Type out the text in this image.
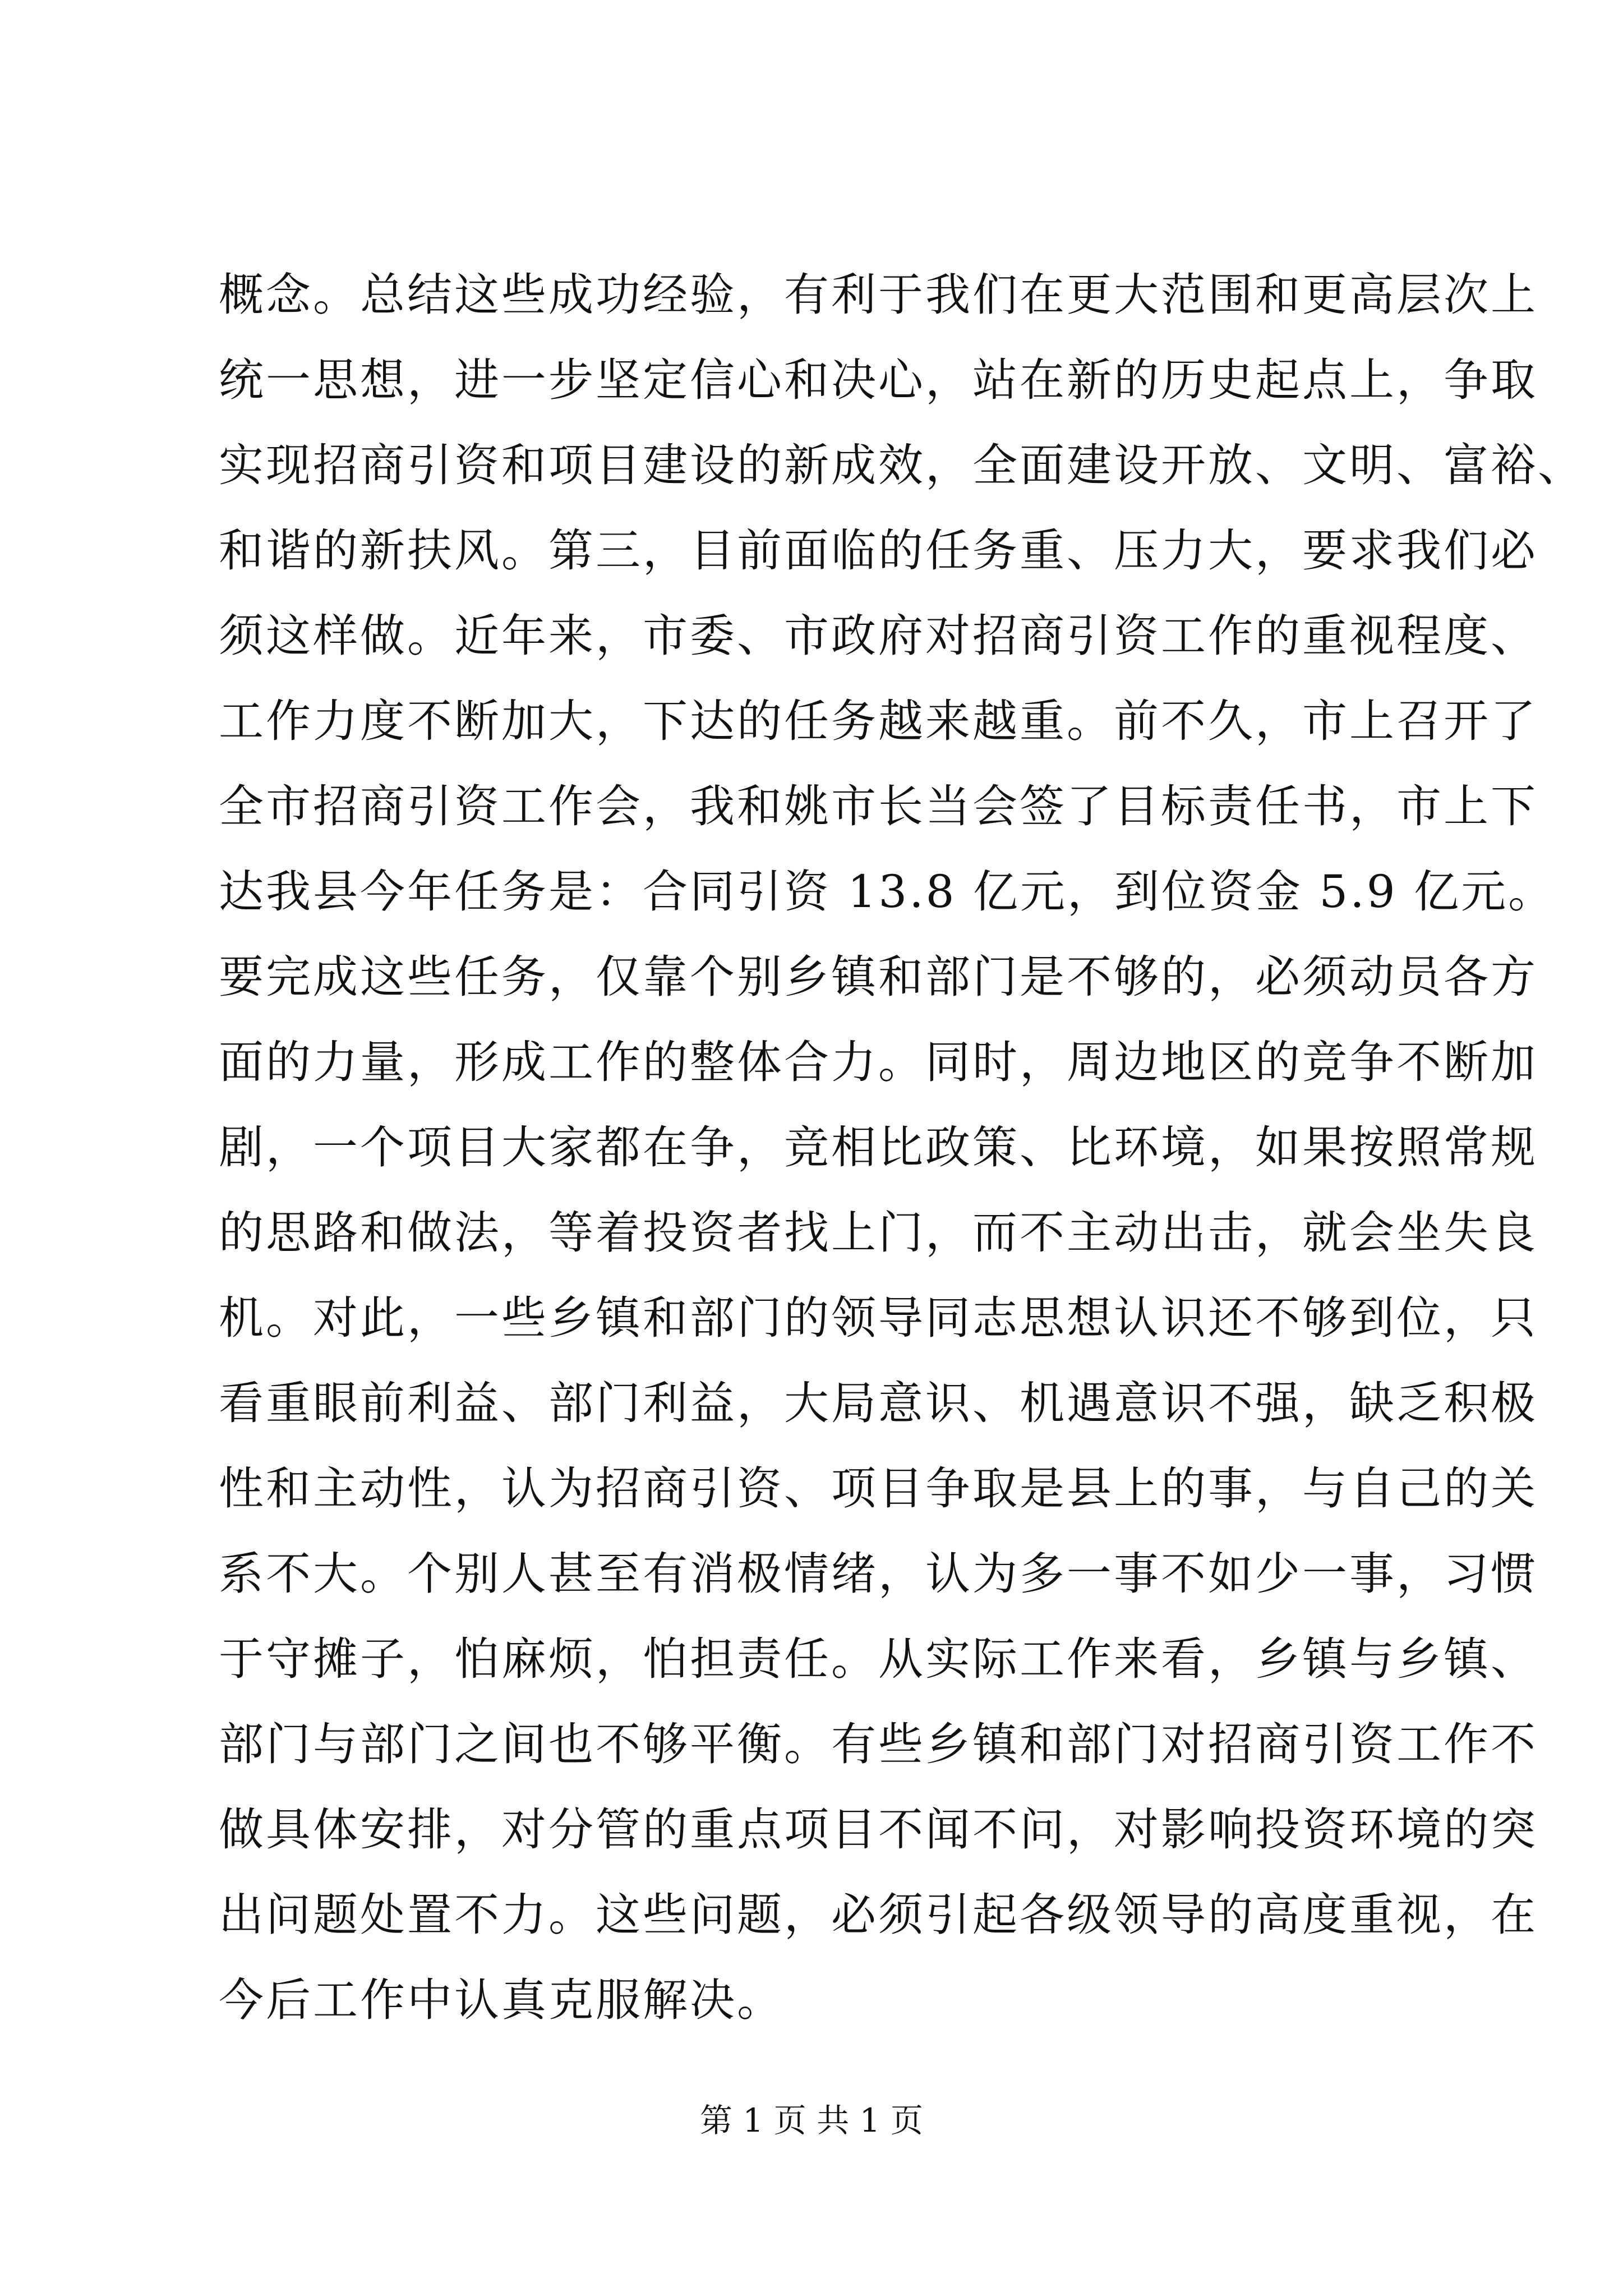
概念。总结这些成功经验，有利于我们在更大范围和更高层次上
统一思想，进一步坚定信心和决心，站在新的历史起点上，争取
实现招商引资和项目建设的新成效，全面建设开放、文明、富裕、
和谐的新扶风。第三，目前面临的任务重、压力大，要求我们必
须这样做。近年来，市委、市政府对招商引资工作的重视程度、
工作力度不断加大，下达的任务越来越重。前不久，市上召开了
全市招商引资工作会，我和姚市长当会签了目标责任书，市上下
达我县今年任务是：合同引资 13.8 亿元，到位资金 5.9 亿元。
要完成这些任务，仅靠个别乡镇和部门是不够的，必须动员各方
面的力量，形成工作的整体合力。同时，周边地区的竞争不断加
剧，一个项目大家都在争，竞相比政策、比环境，如果按照常规
的思路和做法，等着投资者找上门，而不主动出击，就会坐失良
机。对此，一些乡镇和部门的领导同志思想认识还不够到位，只
看重眼前利益、部门利益，大局意识、机遇意识不强，缺乏积极
性和主动性，认为招商引资、项目争取是县上的事，与自己的关
系不大。个别人甚至有消极情绪，认为多一事不如少一事，习惯
于守摊子，怕麻烦，怕担责任。从实际工作来看，乡镇与乡镇、
部门与部门之间也不够平衡。有些乡镇和部门对招商引资工作不
做具体安排，对分管的重点项目不闻不问，对影响投资环境的突
出问题处置不力。这些问题，必须引起各级领导的高度重视，在
今后工作中认真克服解决。
第 1 页 共 1 页
